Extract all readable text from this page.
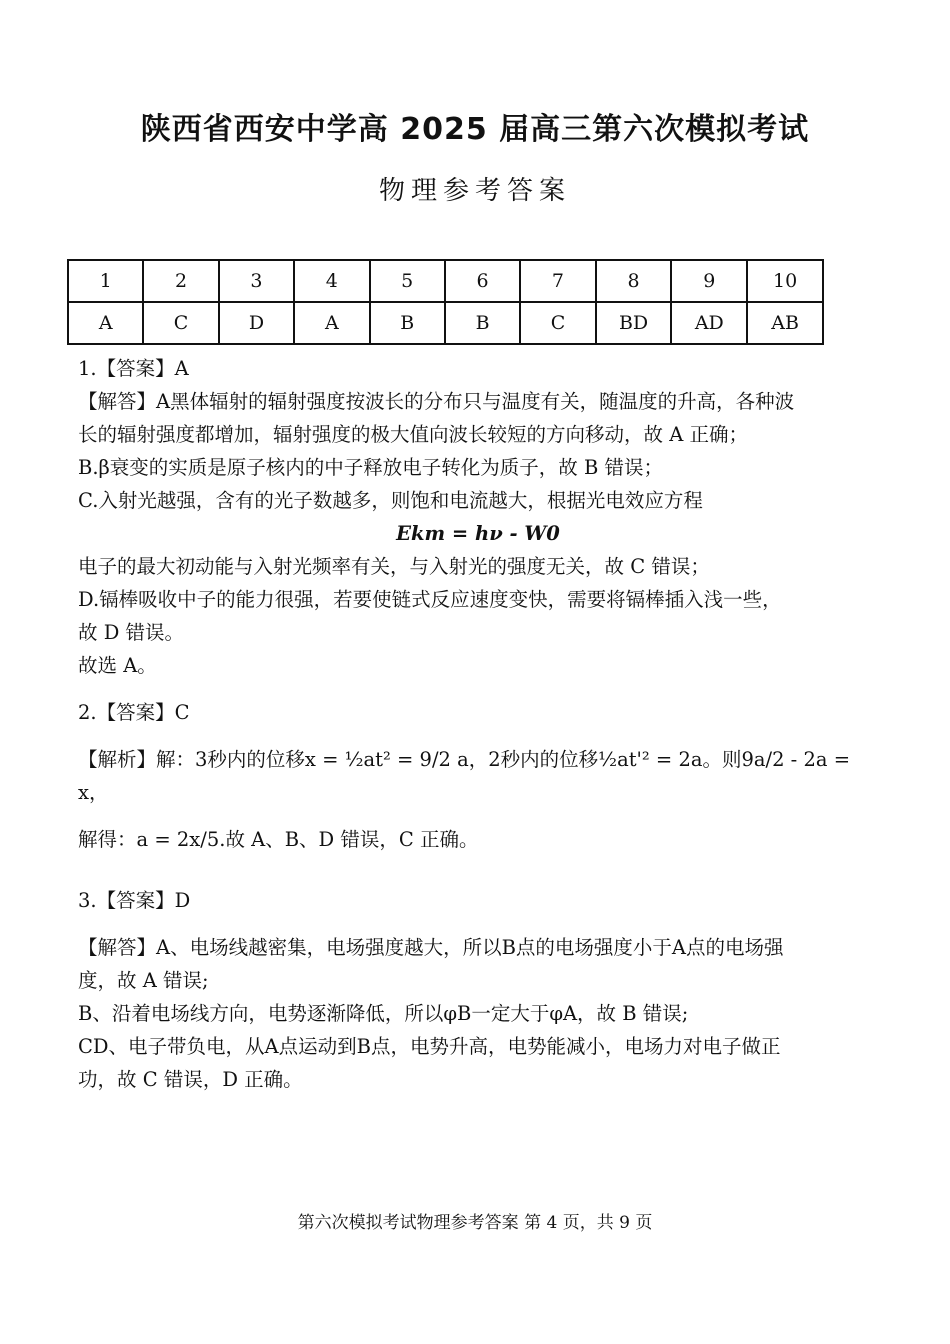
陕西省西安中学高 2025 届高三第六次模拟考试
物理参考答案
1	2	3	4	5	6	7	8	9	10
A	C	D	A	B	B	C	BD	AD	AB

1.【答案】A

【解答】A黑体辐射的辐射强度按波长的分布只与温度有关，随温度的升高，各种波

长的辐射强度都增加，辐射强度的极大值向波长较短的方向移动，故 A 正确；

B.β衰变的实质是原子核内的中子释放电子转化为质子，故 B 错误；

C.入射光越强，含有的光子数越多，则饱和电流越大，根据光电效应方程

Ekm = hν - W0

电子的最大初动能与入射光频率有关，与入射光的强度无关，故 C 错误；

D.镉棒吸收中子的能力很强，若要使链式反应速度变快，需要将镉棒插入浅一些，

故 D 错误。

故选 A。

2.【答案】C

【解析】解：3秒内的位移x = ½at² = 9/2 a，2秒内的位移½at'² = 2a。则9a/2 - 2a = x，

解得：a = 2x/5.故 A、B、D 错误，C 正确。

3.【答案】D

【解答】A、电场线越密集，电场强度越大，所以B点的电场强度小于A点的电场强

度，故 A 错误;

B、沿着电场线方向，电势逐渐降低，所以φB一定大于φA，故 B 错误;

CD、电子带负电，从A点运动到B点，电势升高，电势能减小，电场力对电子做正

功，故 C 错误，D 正确。

第六次模拟考试物理参考答案 第 4 页，共 9 页
